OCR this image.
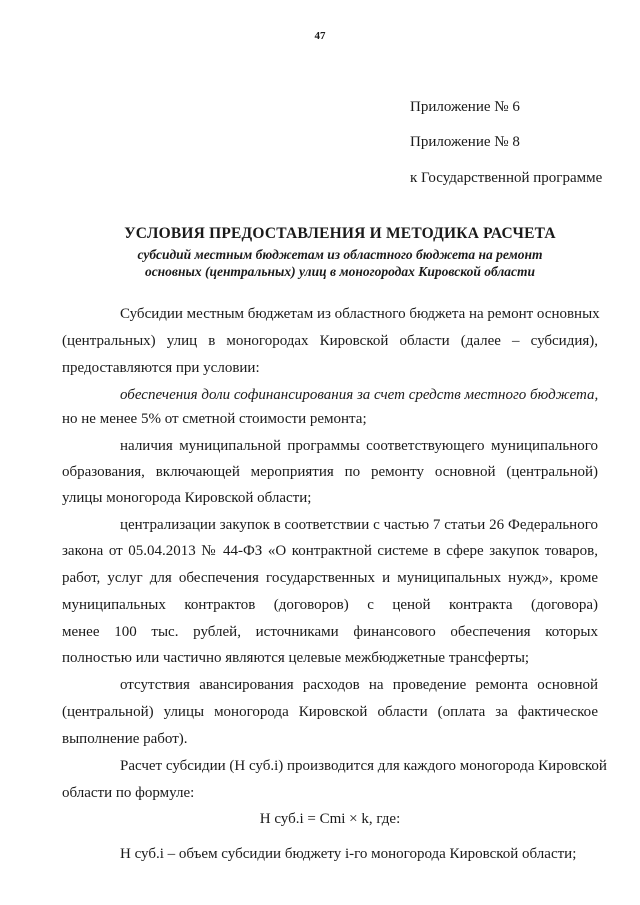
47
Приложение № 6
Приложение № 8
к Государственной программе
УСЛОВИЯ ПРЕДОСТАВЛЕНИЯ И МЕТОДИКА РАСЧЕТА
субсидий местным бюджетам из областного бюджета на ремонт
основных (центральных) улиц в моногородах Кировской области
Субсидии местным бюджетам из областного бюджета на ремонт основных
(центральных) улиц в моногородах Кировской области (далее – субсидия),
предоставляются при условии:
обеспечения доли софинансирования за счет средств местного бюджета,
но не менее 5% от сметной стоимости ремонта;
наличия муниципальной программы соответствующего муниципального
образования, включающей мероприятия по ремонту основной (центральной)
улицы моногорода Кировской области;
централизации закупок в соответствии с частью 7 статьи 26 Федерального
закона от 05.04.2013 № 44-ФЗ «О контрактной системе в сфере закупок товаров,
работ, услуг для обеспечения государственных и муниципальных нужд», кроме
муниципальных контрактов (договоров) с ценой контракта (договора)
менее 100 тыс. рублей, источниками финансового обеспечения которых
полностью или частично являются целевые межбюджетные трансферты;
отсутствия авансирования расходов на проведение ремонта основной
(центральной) улицы моногорода Кировской области (оплата за фактическое
выполнение работ).
Расчет субсидии (Н суб.i) производится для каждого моногорода Кировской
области по формуле:
Н суб.i = Cmi × k, где:
Н суб.i – объем субсидии бюджету i-го моногорода Кировской области;
